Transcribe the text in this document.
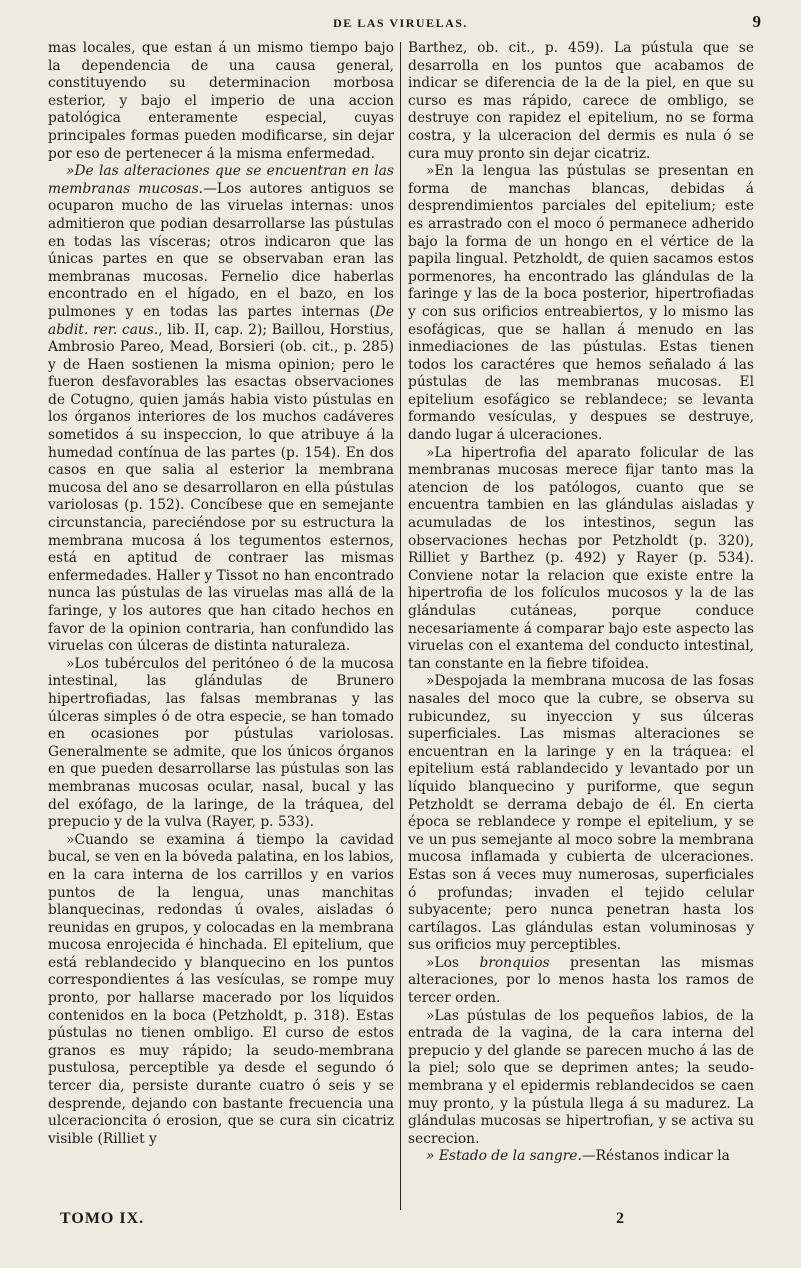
DE LAS VIRUELAS.	9

mas locales, que estan á un mismo tiempo bajo la dependencia de una causa general, constituyendo su determinacion morbosa esterior, y bajo el imperio de una accion patológica enteramente especial, cuyas principales formas pueden modificarse, sin dejar por eso de pertenecer á la misma enfermedad.

»De las alteraciones que se encuentran en las membranas mucosas.—Los autores antiguos se ocuparon mucho de las viruelas internas: unos admitieron que podian desarrollarse las pústulas en todas las vísceras; otros indicaron que las únicas partes en que se observaban eran las membranas mucosas. Fernelio dice haberlas encontrado en el hígado, en el bazo, en los pulmones y en todas las partes internas (De abdit. rer. caus., lib. II, cap. 2); Baillou, Horstius, Ambrosio Pareo, Mead, Borsieri (ob. cit., p. 285) y de Haen sostienen la misma opinion; pero le fueron desfavorables las esactas observaciones de Cotugno, quien jamás habia visto pústulas en los órganos interiores de los muchos cadáveres sometidos á su inspeccion, lo que atribuye á la humedad contínua de las partes (p. 154). En dos casos en que salia al esterior la membrana mucosa del ano se desarrollaron en ella pústulas variolosas (p. 152). Concíbese que en semejante circunstancia, pareciéndose por su estructura la membrana mucosa á los tegumentos esternos, está en aptitud de contraer las mismas enfermedades. Haller y Tissot no han encontrado nunca las pústulas de las viruelas mas allá de la faringe, y los autores que han citado hechos en favor de la opinion contraria, han confundido las viruelas con úlceras de distinta naturaleza.

»Los tubérculos del peritóneo ó de la mucosa intestinal, las glándulas de Brunero hipertrofiadas, las falsas membranas y las úlceras simples ó de otra especie, se han tomado en ocasiones por pústulas variolosas. Generalmente se admite, que los únicos órganos en que pueden desarrollarse las pústulas son las membranas mucosas ocular, nasal, bucal y las del exófago, de la laringe, de la tráquea, del prepucio y de la vulva (Rayer, p. 533).

»Cuando se examina á tiempo la cavidad bucal, se ven en la bóveda palatina, en los labios, en la cara interna de los carrillos y en varios puntos de la lengua, unas manchitas blanquecinas, redondas ú ovales, aisladas ó reunidas en grupos, y colocadas en la membrana mucosa enrojecida é hinchada. El epitelium, que está reblandecido y blanquecino en los puntos correspondientes á las vesículas, se rompe muy pronto, por hallarse macerado por los líquidos contenidos en la boca (Petzholdt, p. 318). Estas pústulas no tienen ombligo. El curso de estos granos es muy rápido; la seudo-membrana pustulosa, perceptible ya desde el segundo ó tercer dia, persiste durante cuatro ó seis y se desprende, dejando con bastante frecuencia una ulceracioncita ó erosion, que se cura sin cicatriz visible (Rilliet y

Barthez, ob. cit., p. 459). La pústula que se desarrolla en los puntos que acabamos de indicar se diferencia de la de la piel, en que su curso es mas rápido, carece de ombligo, se destruye con rapidez el epitelium, no se forma costra, y la ulceracion del dermis es nula ó se cura muy pronto sin dejar cicatriz.

»En la lengua las pústulas se presentan en forma de manchas blancas, debidas á desprendimientos parciales del epitelium; este es arrastrado con el moco ó permanece adherido bajo la forma de un hongo en el vértice de la papila lingual. Petzholdt, de quien sacamos estos pormenores, ha encontrado las glándulas de la faringe y las de la boca posterior, hipertrofiadas y con sus orificios entreabiertos, y lo mismo las esofágicas, que se hallan á menudo en las inmediaciones de las pústulas. Estas tienen todos los caractéres que hemos señalado á las pústulas de las membranas mucosas. El epitelium esofágico se reblandece; se levanta formando vesículas, y despues se destruye, dando lugar á ulceraciones.

»La hipertrofia del aparato folicular de las membranas mucosas merece fijar tanto mas la atencion de los patólogos, cuanto que se encuentra tambien en las glándulas aisladas y acumuladas de los intestinos, segun las observaciones hechas por Petzholdt (p. 320), Rilliet y Barthez (p. 492) y Rayer (p. 534). Conviene notar la relacion que existe entre la hipertrofia de los folículos mucosos y la de las glándulas cutáneas, porque conduce necesariamente á comparar bajo este aspecto las viruelas con el exantema del conducto intestinal, tan constante en la fiebre tifoidea.

»Despojada la membrana mucosa de las fosas nasales del moco que la cubre, se observa su rubicundez, su inyeccion y sus úlceras superficiales. Las mismas alteraciones se encuentran en la laringe y en la tráquea: el epitelium está rablandecido y levantado por un líquido blanquecino y puriforme, que segun Petzholdt se derrama debajo de él. En cierta época se reblandece y rompe el epitelium, y se ve un pus semejante al moco sobre la membrana mucosa inflamada y cubierta de ulceraciones. Estas son á veces muy numerosas, superficiales ó profundas; invaden el tejido celular subyacente; pero nunca penetran hasta los cartílagos. Las glándulas estan voluminosas y sus orificios muy perceptibles.

»Los bronquios presentan las mismas alteraciones, por lo menos hasta los ramos de tercer orden.

»Las pústulas de los pequeños labios, de la entrada de la vagina, de la cara interna del prepucio y del glande se parecen mucho á las de la piel; solo que se deprimen antes; la seudo-membrana y el epidermis reblandecidos se caen muy pronto, y la pústula llega á su madurez. La glándulas mucosas se hipertrofian, y se activa su secrecion.

» Estado de la sangre.—Réstanos indicar la

TOMO IX.	2
